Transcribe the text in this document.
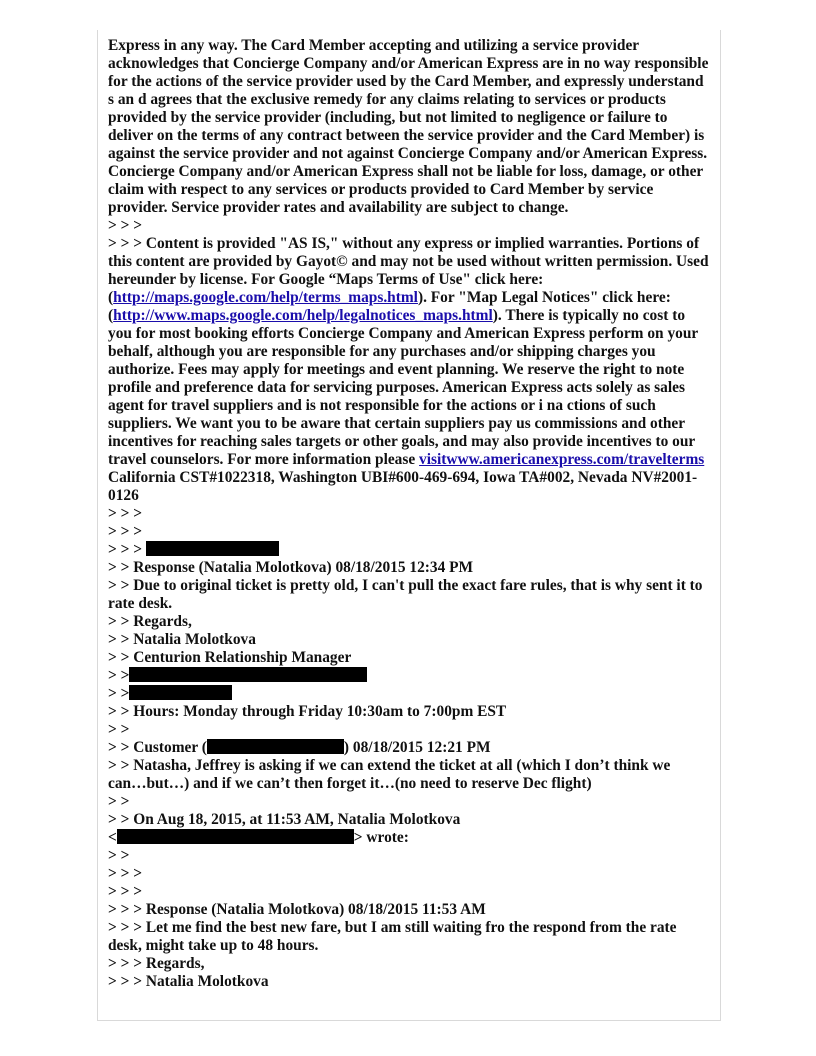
Express in any way. The Card Member accepting and utilizing a service provider acknowledges that Concierge Company and/or American Express are in no way responsible for the actions of the service provider used by the Card Member, and expressly understand s an d agrees that the exclusive remedy for any claims relating to services or products provided by the service provider (including, but not limited to negligence or failure to deliver on the terms of any contract between the service provider and the Card Member) is against the service provider and not against Concierge Company and/or American Express. Concierge Company and/or American Express shall not be liable for loss, damage, or other claim with respect to any services or products provided to Card Member by service provider. Service provider rates and availability are subject to change.

> > >

> > > Content is provided "AS IS," without any express or implied warranties. Portions of this content are provided by Gayot© and may not be used without written permission. Used hereunder by license. For Google “Maps Terms of Use" click here: (http://maps.google.com/help/terms_maps.html). For "Map Legal Notices" click here: (http://www.maps.google.com/help/legalnotices_maps.html). There is typically no cost to you for most booking efforts Concierge Company and American Express perform on your behalf, although you are responsible for any purchases and/or shipping charges you authorize. Fees may apply for meetings and event planning. We reserve the right to note profile and preference data for servicing purposes. American Express acts solely as sales agent for travel suppliers and is not responsible for the actions or i na ctions of such suppliers. We want you to be aware that certain suppliers pay us commissions and other incentives for reaching sales targets or other goals, and may also provide incentives to our travel counselors. For more information please visitwww.americanexpress.com/travelterms California CST#1022318, Washington UBI#600-469-694, Iowa TA#002, Nevada NV#2001-0126

> > >

> > >

> > >

> > Response (Natalia Molotkova) 08/18/2015 12:34 PM

> > Due to original ticket is pretty old, I can't pull the exact fare rules, that is why sent it to rate desk.

> > Regards,

> > Natalia Molotkova

> > Centurion Relationship Manager

> >

> >

> > Hours: Monday through Friday 10:30am to 7:00pm EST

> >

> > Customer (	) 08/18/2015 12:21 PM

> > Natasha, Jeffrey is asking if we can extend the ticket at all (which I don’t think we can…but…) and if we can’t then forget it…(no need to reserve Dec flight)

> >

> > On Aug 18, 2015, at 11:53 AM, Natalia Molotkova

<	> wrote:

> >

> > >

> > >

> > > Response (Natalia Molotkova) 08/18/2015 11:53 AM

> > > Let me find the best new fare, but I am still waiting fro the respond from the rate desk, might take up to 48 hours.

> > > Regards,

> > > Natalia Molotkova
